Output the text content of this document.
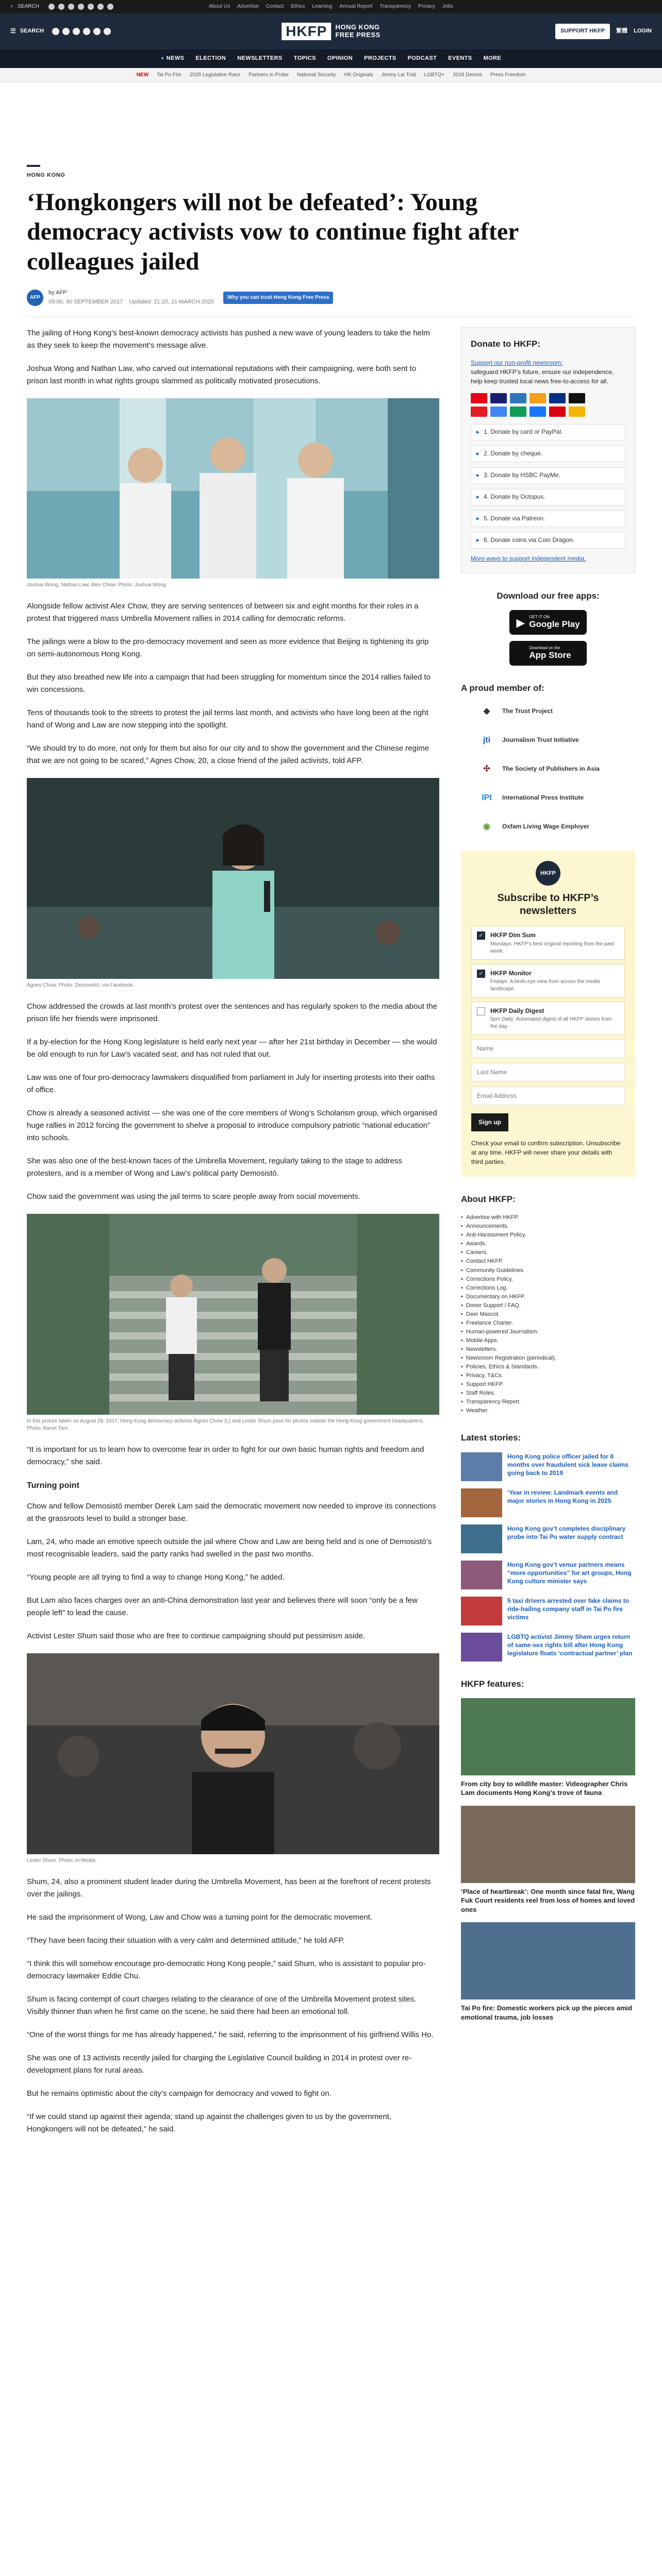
⌕ SEARCH	About Us Advertise Contact Ethics Learning Annual Report Transparency Privacy Jobs
☰ SEARCH	HKFP	HONG KONG
FREE PRESS	SUPPORT HKFP	繁體 LOGIN
● NEWS ELECTION NEWSLETTERS TOPICS OPINION PROJECTS PODCAST EVENTS MORE
NEW Tai Po Fire 2025 Legislative Race Partners in Probe National Security HK Originals Jimmy Lai Trial LGBTQ+ 2019 Demos Press Freedom
HONG KONG
‘Hongkongers will not be defeated’: Young democracy activists vow to continue fight after colleagues jailed
AFP
by AFP
09:00, 30 SEPTEMBER 2017 Updated: 21:20, 21 MARCH 2020
Why you can trust Hong Kong Free Press

The jailing of Hong Kong’s best-known democracy activists has pushed a new wave of young leaders to take the helm as they seek to keep the movement’s message alive.

Joshua Wong and Nathan Law, who carved out international reputations with their campaigning, were both sent to prison last month in what rights groups slammed as politically motivated prosecutions.

Joshua Wong, Nathan Law, Alex Chow. Photo: Joshua Wong.

Alongside fellow activist Alex Chow, they are serving sentences of between six and eight months for their roles in a protest that triggered mass Umbrella Movement rallies in 2014 calling for democratic reforms.

The jailings were a blow to the pro-democracy movement and seen as more evidence that Beijing is tightening its grip on semi-autonomous Hong Kong.

But they also breathed new life into a campaign that had been struggling for momentum since the 2014 rallies failed to win concessions.

Tens of thousands took to the streets to protest the jail terms last month, and activists who have long been at the right hand of Wong and Law are now stepping into the spotlight.

“We should try to do more, not only for them but also for our city and to show the government and the Chinese regime that we are not going to be scared,” Agnes Chow, 20, a close friend of the jailed activists, told AFP.

Agnes Chow. Photo: Demosistō, via Facebook.

Chow addressed the crowds at last month’s protest over the sentences and has regularly spoken to the media about the prison life her friends were imprisoned.

If a by-election for the Hong Kong legislature is held early next year — after her 21st birthday in December — she would be old enough to run for Law’s vacated seat, and has not ruled that out.

Law was one of four pro-democracy lawmakers disqualified from parliament in July for inserting protests into their oaths of office.

Chow is already a seasoned activist — she was one of the core members of Wong’s Scholarism group, which organised huge rallies in 2012 forcing the government to shelve a proposal to introduce compulsory patriotic “national education” into schools.

She was also one of the best-known faces of the Umbrella Movement, regularly taking to the stage to address protesters, and is a member of Wong and Law’s political party Demosistō.

Chow said the government was using the jail terms to scare people away from social movements.

In this picture taken on August 29, 2017, Hong Kong democracy activists Agnes Chow (L) and Lester Shum pose for photos outside the Hong Kong government headquarters. Photo: Aaron Tam.

“It is important for us to learn how to overcome fear in order to fight for our own basic human rights and freedom and democracy,” she said.

Turning point

Chow and fellow Demosistō member Derek Lam said the democratic movement now needed to improve its connections at the grassroots level to build a stronger base.

Lam, 24, who made an emotive speech outside the jail where Chow and Law are being held and is one of Demosistō’s most recognisable leaders, said the party ranks had swelled in the past two months.

“Young people are all trying to find a way to change Hong Kong,” he added.

But Lam also faces charges over an anti-China demonstration last year and believes there will soon “only be a few people left” to lead the cause.

Activist Lester Shum said those who are free to continue campaigning should put pessimism aside.

Lester Shum. Photo: In-Media.

Shum, 24, also a prominent student leader during the Umbrella Movement, has been at the forefront of recent protests over the jailings.

He said the imprisonment of Wong, Law and Chow was a turning point for the democratic movement.

“They have been facing their situation with a very calm and determined attitude,” he told AFP.

“I think this will somehow encourage pro-democratic Hong Kong people,” said Shum, who is assistant to popular pro-democracy lawmaker Eddie Chu.

Shum is facing contempt of court charges relating to the clearance of one of the Umbrella Movement protest sites. Visibly thinner than when he first came on the scene, he said there had been an emotional toll.

“One of the worst things for me has already happened,” he said, referring to the imprisonment of his girlfriend Willis Ho.

She was one of 13 activists recently jailed for charging the Legislative Council building in 2014 in protest over re-development plans for rural areas.

But he remains optimistic about the city’s campaign for democracy and vowed to fight on.

“If we could stand up against their agenda; stand up against the challenges given to us by the government, Hongkongers will not be defeated,” he said.

Donate to HKFP:
Support our non-profit newsroom:
safeguard HKFP’s future, ensure our independence, help keep trusted local news free-to-access for all.
▸ 1. Donate by card or PayPal.
▸ 2. Donate by cheque.
▸ 3. Donate by HSBC PayMe.
▸ 4. Donate by Octopus.
▸ 5. Donate via Patreon.
▸ 6. Donate coins via Coin Dragon.
More ways to support independent media.
Download our free apps:
▶ GET IT ON
Google Play
Download on the
App Store
A proud member of:
◆	The Trust Project
jti	Journalism Trust Initiative
✣	The Society of Publishers in Asia
IPI	International Press Institute
◉	Oxfam Living Wage Employer
HKFP
Subscribe to HKFP’s newsletters
✓ HKFP Dim Sum
Mondays: HKFP’s best original reporting from the past week.
✓ HKFP Monitor
Fridays: A birds-eye view from across the media landscape.
HKFP Daily Digest
5pm Daily: Automated digest of all HKFP stories from the day.
Name
Last Name
Email Address Sign up
Check your email to confirm subscription. Unsubscribe at any time. HKFP will never share your details with third parties.
About HKFP:
• Advertise with HKFP.
• Announcements.
• Anti-Harassment Policy.
• Awards.
• Careers.
• Contact HKFP.
• Community Guidelines.
• Corrections Policy.
• Corrections Log.
• Documentary on HKFP.
• Donor Support / FAQ.
• Deer Mascot.
• Freelance Charter.
• Human-powered Journalism.
• Mobile Apps.
• Newsletters.
• Newsroom Registration (periodical).
• Policies, Ethics & Standards.
• Privacy, T&Cs.
• Support HKFP.
• Staff Roles.
• Transparency Report.
• Weather.
Latest stories:
Hong Kong police officer jailed for 8 months over fraudulent sick leave claims going back to 2019
‘Year in review: Landmark events and major stories in Hong Kong in 2025
Hong Kong gov’t completes disciplinary probe into Tai Po water supply contract
Hong Kong gov’t venue partners means “more opportunities” for art groups, Hong Kong culture minister says
5 taxi drivers arrested over fake claims to ride-hailing company staff in Tai Po fire victims
LGBTQ activist Jimmy Sham urges return of same-sex rights bill after Hong Kong legislature floats ‘contractual partner’ plan
HKFP features:
From city boy to wildlife master: Videographer Chris Lam documents Hong Kong’s trove of fauna
‘Place of heartbreak’: One month since fatal fire, Wang Fuk Court residents reel from loss of homes and loved ones
Tai Po fire: Domestic workers pick up the pieces amid emotional trauma, job losses
